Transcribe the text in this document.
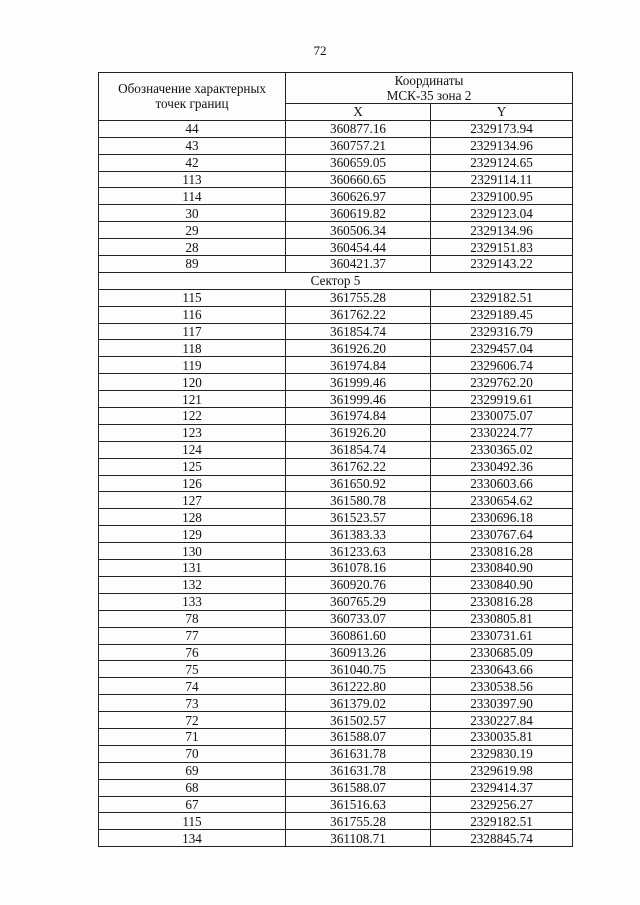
72
Обозначение характерных точек границ	Координаты
МСК-35 зона 2	

	X	Y
44	360877.16	2329173.94
43	360757.21	2329134.96
42	360659.05	2329124.65
113	360660.65	2329114.11
114	360626.97	2329100.95
30	360619.82	2329123.04
29	360506.34	2329134.96
28	360454.44	2329151.83
89	360421.37	2329143.22
Сектор 5		
115	361755.28	2329182.51
116	361762.22	2329189.45
117	361854.74	2329316.79
118	361926.20	2329457.04
119	361974.84	2329606.74
120	361999.46	2329762.20
121	361999.46	2329919.61
122	361974.84	2330075.07
123	361926.20	2330224.77
124	361854.74	2330365.02
125	361762.22	2330492.36
126	361650.92	2330603.66
127	361580.78	2330654.62
128	361523.57	2330696.18
129	361383.33	2330767.64
130	361233.63	2330816.28
131	361078.16	2330840.90
132	360920.76	2330840.90
133	360765.29	2330816.28
78	360733.07	2330805.81
77	360861.60	2330731.61
76	360913.26	2330685.09
75	361040.75	2330643.66
74	361222.80	2330538.56
73	361379.02	2330397.90
72	361502.57	2330227.84
71	361588.07	2330035.81
70	361631.78	2329830.19
69	361631.78	2329619.98
68	361588.07	2329414.37
67	361516.63	2329256.27
115	361755.28	2329182.51
134	361108.71	2328845.74
